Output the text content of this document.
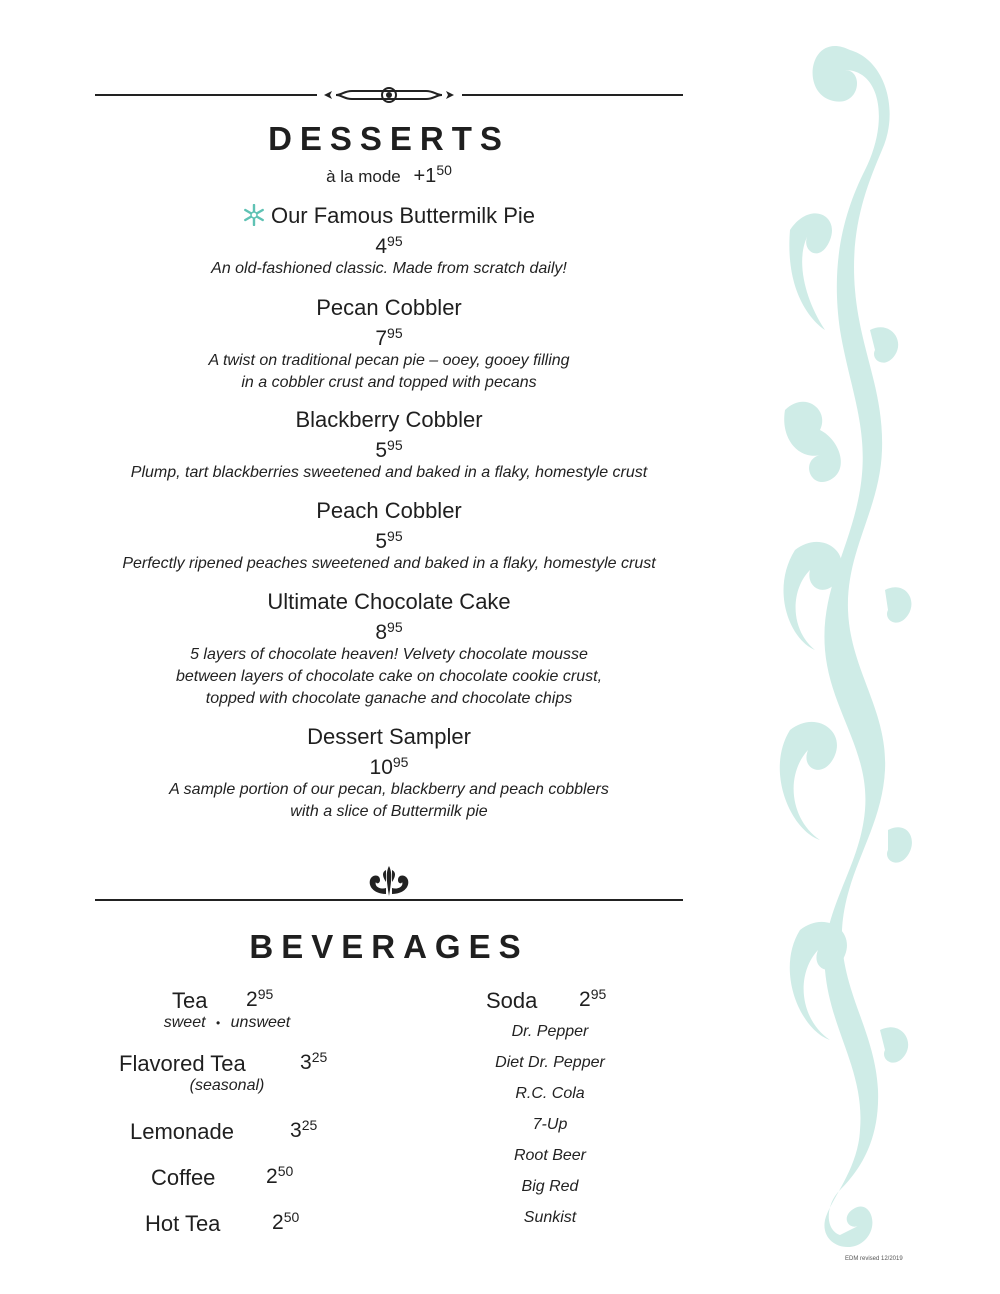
DESSERTS
à la mode $+1^{50}$
Our Famous Buttermilk Pie
$4^{95}$
An old-fashioned classic. Made from scratch daily!
Pecan Cobbler
$7^{95}$
A twist on traditional pecan pie – ooey, gooey filling
in a cobbler crust and topped with pecans
Blackberry Cobbler
$5^{95}$
Plump, tart blackberries sweetened and baked in a flaky, homestyle crust
Peach Cobbler
$5^{95}$
Perfectly ripened peaches sweetened and baked in a flaky, homestyle crust
Ultimate Chocolate Cake
$8^{95}$
5 layers of chocolate heaven! Velvety chocolate mousse
between layers of chocolate cake on chocolate cookie crust,
topped with chocolate ganache and chocolate chips
Dessert Sampler
$10^{95}$
A sample portion of our pecan, blackberry and peach cobblers
with a slice of Buttermilk pie
BEVERAGES
Tea $2^{95}$
sweet • unsweet
Flavored Tea	$3^{25}$
(seasonal)
Lemonade	$3^{25}$
Coffee $2^{50}$
Hot Tea $2^{50}$
Soda $2^{95}$
Dr. Pepper
Diet Dr. Pepper
R.C. Cola
7-Up
Root Beer
Big Red
Sunkist
EDM revised 12/2019
